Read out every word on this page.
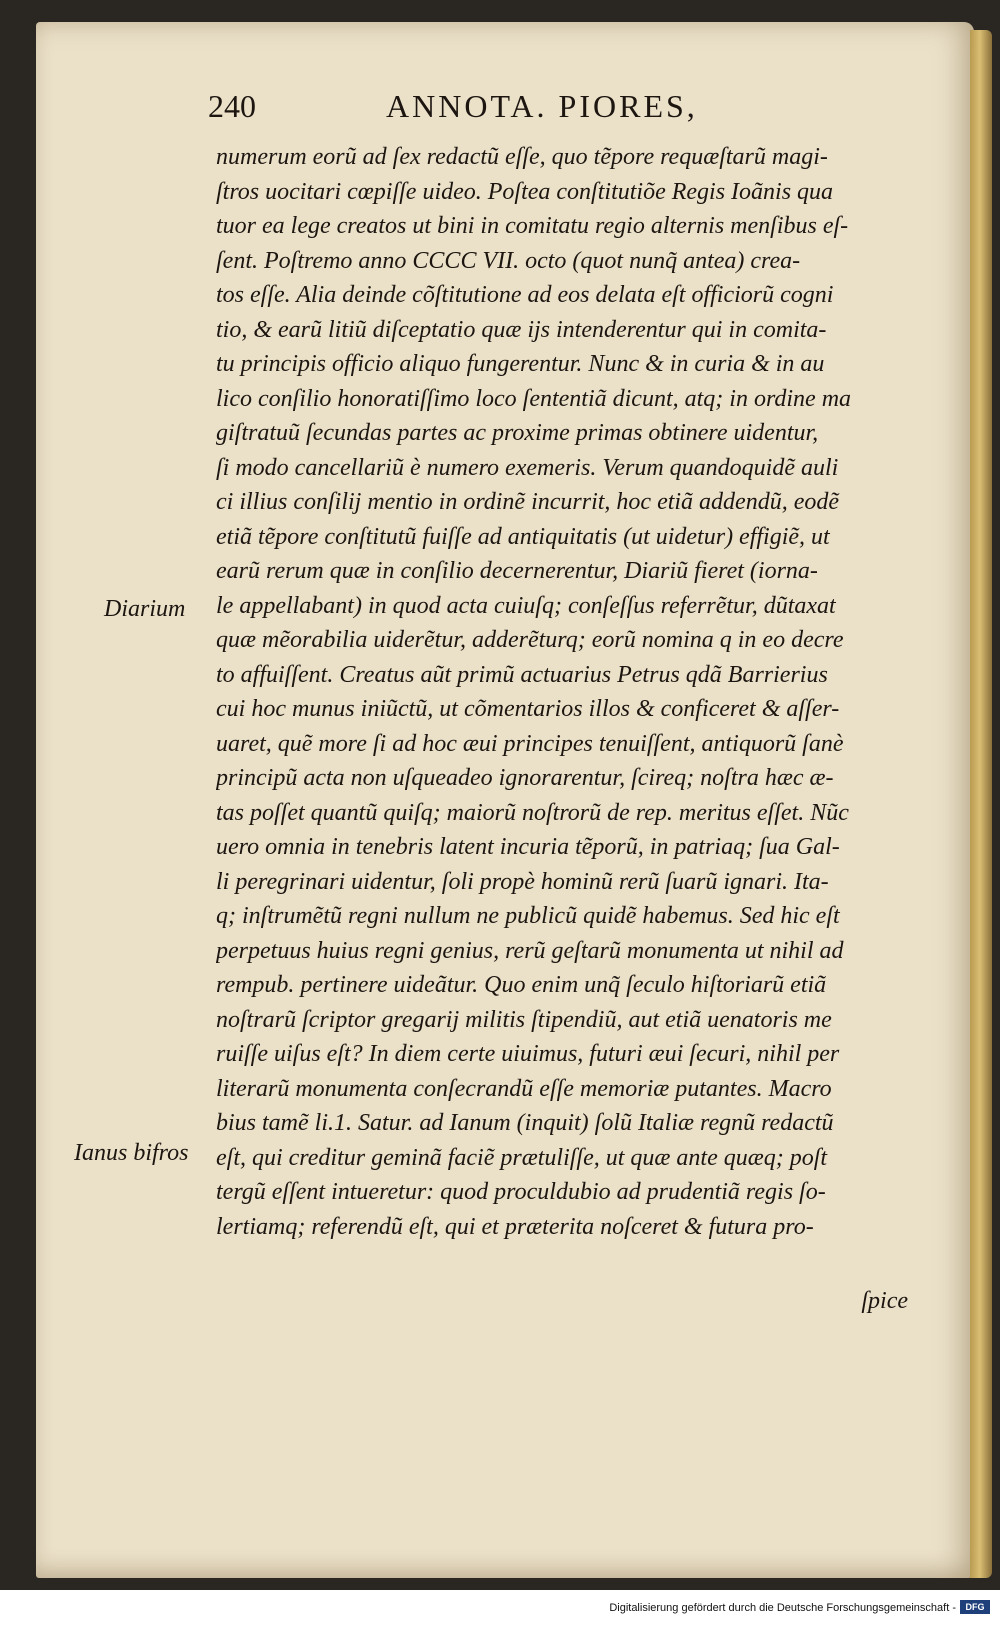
240	ANNOTA. PIORES,
Diarium
Ianus bifros
numerum eorũ ad ſex redactũ eſſe, quo tẽpore requæſtarũ magi-
ſtros uocitari cœpiſſe uideo. Poſtea conſtitutiõe Regis Ioãnis qua
tuor ea lege creatos ut bini in comitatu regio alternis menſibus eſ-
ſent. Poſtremo anno CCCC VII. octo (quot nunq̃ antea) crea-
tos eſſe. Alia deinde cõſtitutione ad eos delata eſt officiorũ cogni
tio, & earũ litiũ diſceptatio quæ ijs intenderentur qui in comita-
tu principis officio aliquo fungerentur. Nunc & in curia & in au
lico conſilio honoratiſſimo loco ſententiã dicunt, atq; in ordine ma
giſtratuũ ſecundas partes ac proxime primas obtinere uidentur,
ſi modo cancellariũ è numero exemeris. Verum quandoquidẽ auli
ci illius conſilij mentio in ordinẽ incurrit, hoc etiã addendũ, eodẽ
etiã tẽpore conſtitutũ fuiſſe ad antiquitatis (ut uidetur) effigiẽ, ut
earũ rerum quæ in conſilio decernerentur, Diariũ fieret (iorna-
le appellabant) in quod acta cuiuſq; conſeſſus referrẽtur, dũtaxat
quæ mẽorabilia uiderẽtur, adderẽturq; eorũ nomina q in eo decre
to affuiſſent. Creatus aũt primũ actuarius Petrus qdã Barrierius
cui hoc munus iniũctũ, ut cõmentarios illos & conficeret & aſſer-
uaret, quẽ more ſi ad hoc æui principes tenuiſſent, antiquorũ ſanè
principũ acta non uſqueadeo ignorarentur, ſcireq; noſtra hæc æ-
tas poſſet quantũ quiſq; maiorũ noſtrorũ de rep. meritus eſſet. Nũc
uero omnia in tenebris latent incuria tẽporũ, in patriaq; ſua Gal-
li peregrinari uidentur, ſoli propè hominũ rerũ ſuarũ ignari. Ita-
q; inſtrumẽtũ regni nullum ne publicũ quidẽ habemus. Sed hic eſt
perpetuus huius regni genius, rerũ geſtarũ monumenta ut nihil ad
rempub. pertinere uideãtur. Quo enim unq̃ ſeculo hiſtoriarũ etiã
noſtrarũ ſcriptor gregarij militis ſtipendiũ, aut etiã uenatoris me
ruiſſe uiſus eſt? In diem certe uiuimus, futuri æui ſecuri, nihil per
literarũ monumenta conſecrandũ eſſe memoriæ putantes. Macro
bius tamẽ li.1. Satur. ad Ianum (inquit) ſolũ Italiæ regnũ redactũ
eſt, qui creditur geminã faciẽ prætuliſſe, ut quæ ante quæq; poſt
tergũ eſſent intueretur: quod proculdubio ad prudentiã regis ſo-
lertiamq; referendũ eſt, qui et præterita noſceret & futura pro-
ſpice
Digitalisierung gefördert durch die Deutsche Forschungsgemeinschaft -	DFG
